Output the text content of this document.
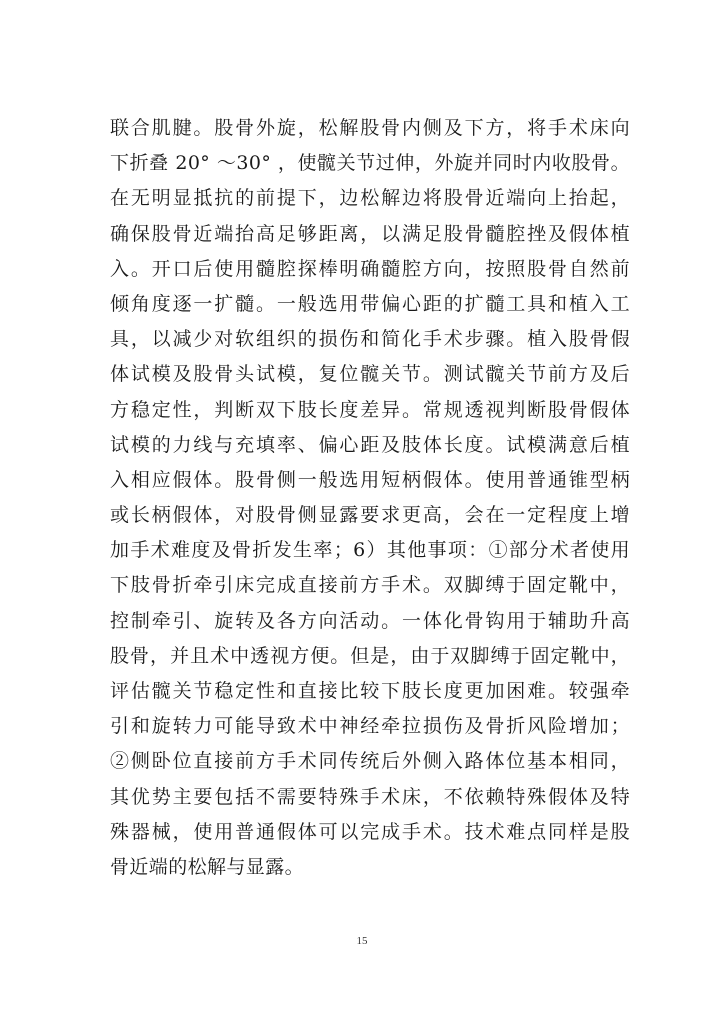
联合肌腱。股骨外旋，松解股骨内侧及下方，将手术床向
下折叠 20° ～30° ，使髋关节过伸，外旋并同时内收股骨。
在无明显抵抗的前提下，边松解边将股骨近端向上抬起，
确保股骨近端抬高足够距离，以满足股骨髓腔挫及假体植
入。开口后使用髓腔探棒明确髓腔方向，按照股骨自然前
倾角度逐一扩髓。一般选用带偏心距的扩髓工具和植入工
具，以减少对软组织的损伤和简化手术步骤。植入股骨假
体试模及股骨头试模，复位髋关节。测试髋关节前方及后
方稳定性，判断双下肢长度差异。常规透视判断股骨假体
试模的力线与充填率、偏心距及肢体长度。试模满意后植
入相应假体。股骨侧一般选用短柄假体。使用普通锥型柄
或长柄假体，对股骨侧显露要求更高，会在一定程度上增
加手术难度及骨折发生率；6）其他事项：①部分术者使用
下肢骨折牵引床完成直接前方手术。双脚缚于固定靴中，
控制牵引、旋转及各方向活动。一体化骨钩用于辅助升高
股骨，并且术中透视方便。但是，由于双脚缚于固定靴中，
评估髋关节稳定性和直接比较下肢长度更加困难。较强牵
引和旋转力可能导致术中神经牵拉损伤及骨折风险增加；
②侧卧位直接前方手术同传统后外侧入路体位基本相同，
其优势主要包括不需要特殊手术床，不依赖特殊假体及特
殊器械，使用普通假体可以完成手术。技术难点同样是股
骨近端的松解与显露。
15
